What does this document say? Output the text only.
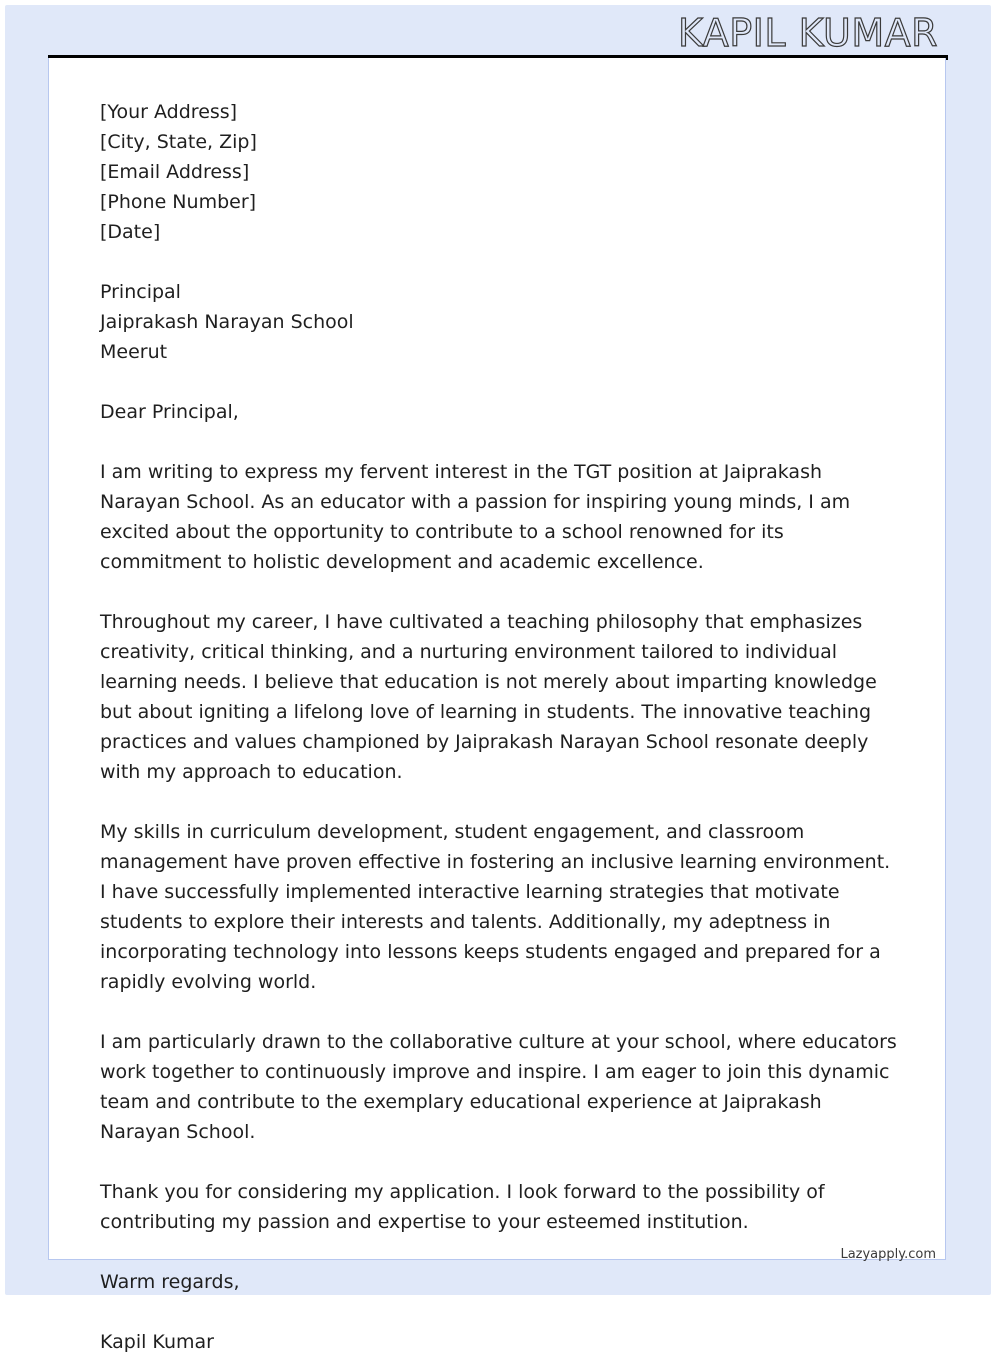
KAPIL KUMAR
[Your Address]
[City, State, Zip]
[Email Address]
[Phone Number]
[Date]
Principal
Jaiprakash Narayan School
Meerut
Dear Principal,

I am writing to express my fervent interest in the TGT position at Jaiprakash Narayan School. As an educator with a passion for inspiring young minds, I am excited about the opportunity to contribute to a school renowned for its commitment to holistic development and academic excellence.

Throughout my career, I have cultivated a teaching philosophy that emphasizes creativity, critical thinking, and a nurturing environment tailored to individual learning needs. I believe that education is not merely about imparting knowledge but about igniting a lifelong love of learning in students. The innovative teaching practices and values championed by Jaiprakash Narayan School resonate deeply with my approach to education.

My skills in curriculum development, student engagement, and classroom management have proven effective in fostering an inclusive learning environment. I have successfully implemented interactive learning strategies that motivate students to explore their interests and talents. Additionally, my adeptness in incorporating technology into lessons keeps students engaged and prepared for a rapidly evolving world.

I am particularly drawn to the collaborative culture at your school, where educators work together to continuously improve and inspire. I am eager to join this dynamic team and contribute to the exemplary educational experience at Jaiprakash Narayan School.

Thank you for considering my application. I look forward to the possibility of contributing my passion and expertise to your esteemed institution.

Warm regards,
Kapil Kumar
Lazyapply.com
